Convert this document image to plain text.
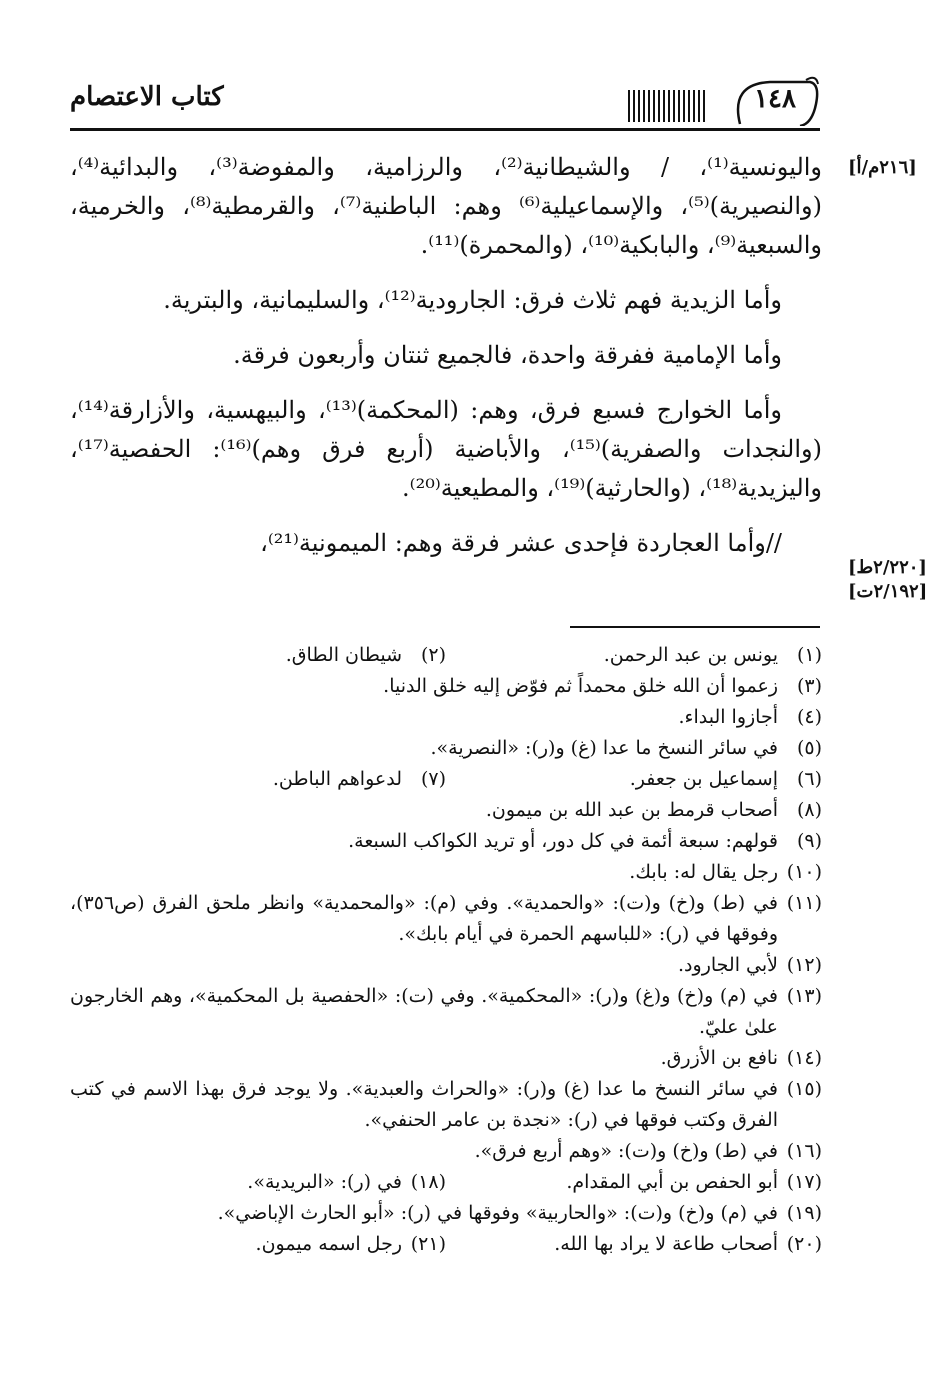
كتاب الاعتصام	١٤٨
[٢١٦م/أ]
[٢/٢٢٠ط]
[٢/١٩٢ت]

واليونسية⁽¹⁾، / والشيطانية⁽²⁾، والرزامية، والمفوضة⁽³⁾، والبدائية⁽⁴⁾، (والنصيرية)⁽⁵⁾، والإسماعيلية⁽⁶⁾ وهم: الباطنية⁽⁷⁾، والقرمطية⁽⁸⁾، والخرمية، والسبعية⁽⁹⁾، والبابكية⁽¹⁰⁾، (والمحمرة)⁽¹¹⁾.

وأما الزيدية فهم ثلاث فرق: الجارودية⁽¹²⁾، والسليمانية، والبترية.

وأما الإمامية ففرقة واحدة، فالجميع ثنتان وأربعون فرقة.

وأما الخوارج فسبع فرق، وهم: (المحكمة)⁽¹³⁾، والبيهسية، والأزارقة⁽¹⁴⁾، (والنجدات والصفرية)⁽¹⁵⁾، والأباضية (أربع فرق وهم)⁽¹⁶⁾: الحفصية⁽¹⁷⁾، واليزيدية⁽¹⁸⁾، (والحارثية)⁽¹⁹⁾، والمطيعية⁽²⁰⁾.

//وأما العجاردة فإحدى عشر فرقة وهم: الميمونية⁽²¹⁾،

(١)
يونس بن عبد الرحمن.
(٢)
شيطان الطاق.

(٣)
زعموا أن الله خلق محمداً ثم فوّض إليه خلق الدنيا.

(٤)
أجازوا البداء.

(٥)
في سائر النسخ ما عدا (غ) و(ر): «النصرية».

(٦)
إسماعيل بن جعفر.
(٧)
لدعواهم الباطن.

(٨)
أصحاب قرمط بن عبد الله بن ميمون.

(٩)
قولهم: سبعة أئمة في كل دور، أو تريد الكواكب السبعة.

(١٠)
رجل يقال له: بابك.

(١١)
في (ط) و(خ) و(ت): «والحمدية». وفي (م): «والمحمدية» وانظر ملحق الفرق (ص٣٥٦)، وفوقها في (ر): «للباسهم الحمرة في أيام بابك».

(١٢)
لأبي الجارود.

(١٣)
في (م) و(خ) و(غ) و(ر): «المحكمية». وفي (ت): «الحفصية بل المحكمية»، وهم الخارجون علىٰ عليّ.

(١٤)
نافع بن الأزرق.

(١٥)
في سائر النسخ ما عدا (غ) و(ر): «والحراث والعبدية». ولا يوجد فرق بهذا الاسم في كتب الفرق وكتب فوقها في (ر): «نجدة بن عامر الحنفي».

(١٦)
في (ط) و(خ) و(ت): «وهم أربع فرق».

(١٧)
أبو الحفص بن أبي المقدام.
(١٨)
في (ر): «البريدية».

(١٩)
في (م) و(خ) و(ت): «والحاربية» وفوقها في (ر): «أبو الحارث الإباضي».

(٢٠)
أصحاب طاعة لا يراد بها الله.
(٢١)
رجل اسمه ميمون.
